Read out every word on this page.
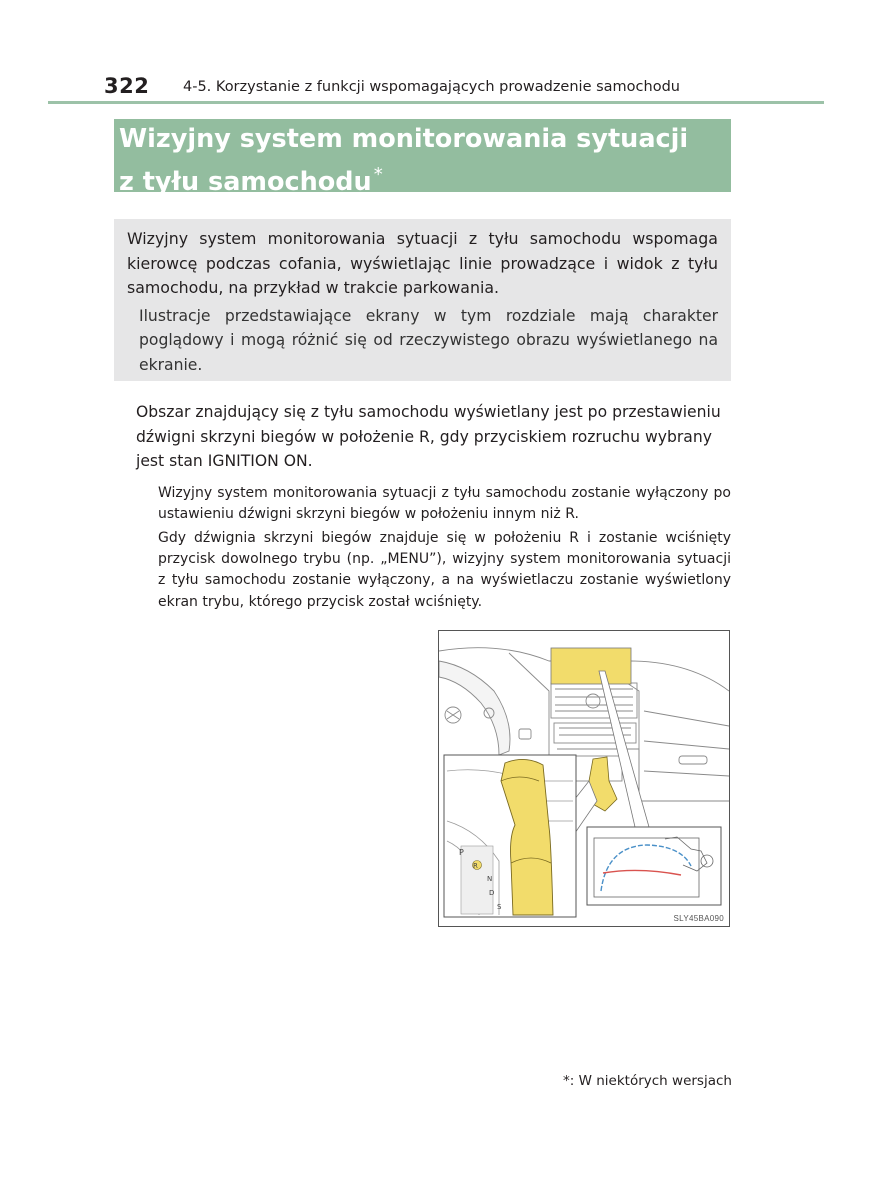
322 4-5. Korzystanie z funkcji wspomagających prowadzenie samochodu
Wizyjny system monitorowania sytuacji
z tyłu samochodu *

Wizyjny system monitorowania sytuacji z tyłu samochodu wspomaga kierowcę podczas cofania, wyświetlając linie prowadzące i widok z tyłu samochodu, na przykład w trakcie parkowania.

Ilustracje przedstawiające ekrany w tym rozdziale mają charakter poglądowy i mogą różnić się od rzeczywistego obrazu wyświetlanego na ekranie.

Obszar znajdujący się z tyłu samochodu wyświetlany jest po przestawieniu dźwigni skrzyni biegów w położenie R, gdy przyciskiem rozruchu wybrany jest stan IGNITION ON.

Wizyjny system monitorowania sytuacji z tyłu samochodu zostanie wyłączony po ustawieniu dźwigni skrzyni biegów w położeniu innym niż R.

Gdy dźwignia skrzyni biegów znajduje się w położeniu R i zostanie wciśnięty przycisk dowolnego trybu (np. „MENU”), wizyjny system monitorowania sytuacji z tyłu samochodu zostanie wyłączony, a na wyświetlaczu zostanie wyświetlony ekran trybu, którego przycisk został wciśnięty.

P
R
N
D
S
SLY45BA090
*: W niektórych wersjach
